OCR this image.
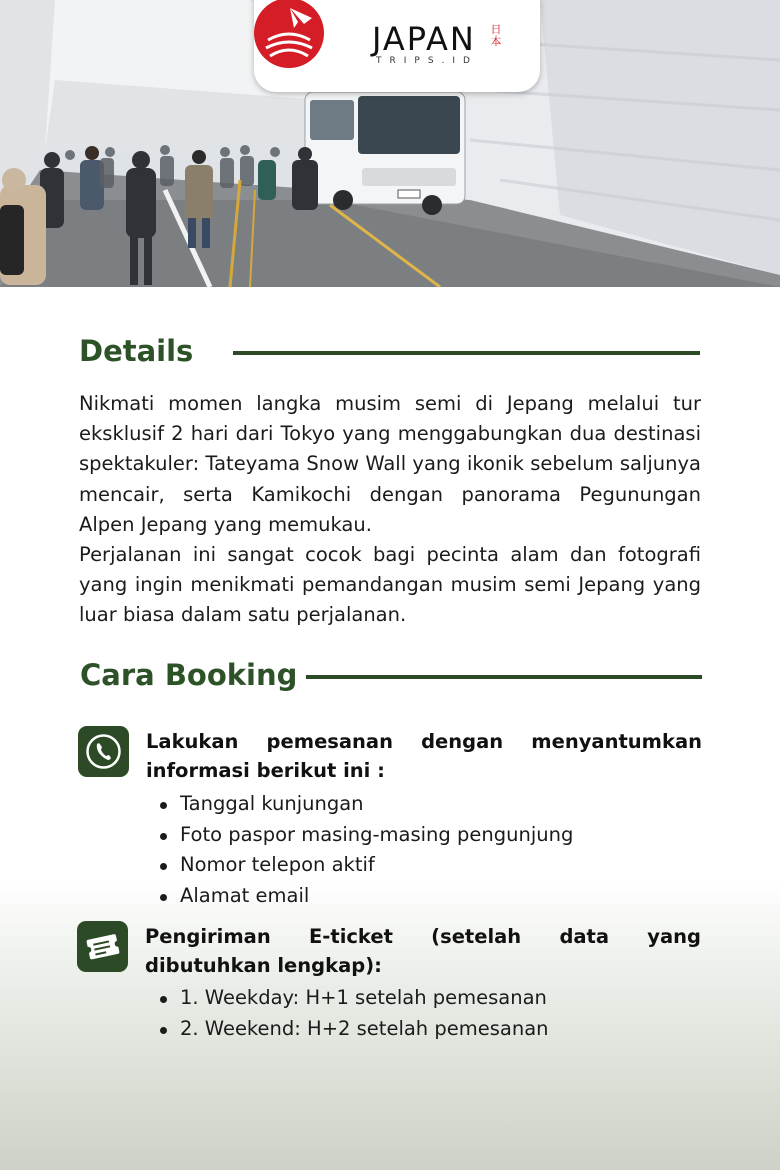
JAPAN
TRIPS.ID
日本
Details

Nikmati momen langka musim semi di Jepang melalui tur eksklusif 2 hari dari Tokyo yang menggabungkan dua destinasi spektakuler: Tateyama Snow Wall yang ikonik sebelum saljunya mencair, serta Kamikochi dengan panorama Pegunungan Alpen Jepang yang memukau.

Perjalanan ini sangat cocok bagi pecinta alam dan fotografi yang ingin menikmati pemandangan musim semi Jepang yang luar biasa dalam satu perjalanan.

Cara Booking

Lakukan pemesanan dengan menyantumkan informasi berikut ini :

Tanggal kunjungan
Foto paspor masing-masing pengunjung
Nomor telepon aktif
Alamat email

Pengiriman E-ticket (setelah data yang dibutuhkan lengkap):

1. Weekday: H+1 setelah pemesanan
2. Weekend: H+2 setelah pemesanan
